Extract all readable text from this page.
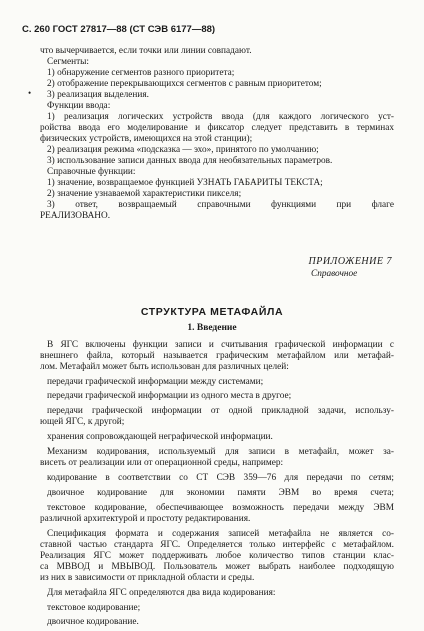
С. 260 ГОСТ 27817—88 (СТ СЭВ 6177—88)
•
что вычерчивается, если точки или линии совпадают.
Сегменты:
1) обнаружение сегментов разного приоритета;
2) отображение перекрывающихся сегментов с равным приоритетом;
3) реализация выделения.
Функции ввода:
1) реализация логических устройств ввода (для каждого логического уст-
ройства ввода его моделирование и фиксатор следует представить в терминах
физических устройств, имеющихся на этой станции);
2) реализация режима «подсказка — эхо», принятого по умолчанию;
3) использование записи данных ввода для необязательных параметров.
Справочные функции:
1) значение, возвращаемое функцией УЗНАТЬ ГАБАРИТЫ ТЕКСТА;
2) значение узнаваемой характеристики пикселя;
3) ответ, возвращаемый справочными функциями при флаге
РЕАЛИЗОВАНО.
ПРИЛОЖЕНИЕ 7
Справочное
СТРУКТУРА МЕТАФАЙЛА
1. Введение
В ЯГС включены функции записи и считывания графической информации с
внешнего файла, который называется графическим метафайлом или метафай-
лом. Метафайл может быть использован для различных целей:
передачи графической информации между системами;
передачи графической информации из одного места в другое;
передачи графической информации от одной прикладной задачи, использу-
ющей ЯГС, к другой;
хранения сопровождающей неграфической информации.
Механизм кодирования, используемый для записи в метафайл, может за-
висеть от реализации или от операционной среды, например:
кодирование в соответствии со СТ СЭВ 359—76 для передачи по сетям;
двоичное кодирование для экономии памяти ЭВМ во время счета;
текстовое кодирование, обеспечивающее возможность передачи между ЭВМ
различной архитектурой и простоту редактирования.
Спецификация формата и содержания записей метафайла не является со-
ставной частью стандарта ЯГС. Определяется только интерфейс с метафайлом.
Реализация ЯГС может поддерживать любое количество типов станции клас-
са МВВОД и МВЫВОД. Пользователь может выбрать наиболее подходящую
из них в зависимости от прикладной области и среды.
Для метафайла ЯГС определяются два вида кодирования:
текстовое кодирование;
двоичное кодирование.
